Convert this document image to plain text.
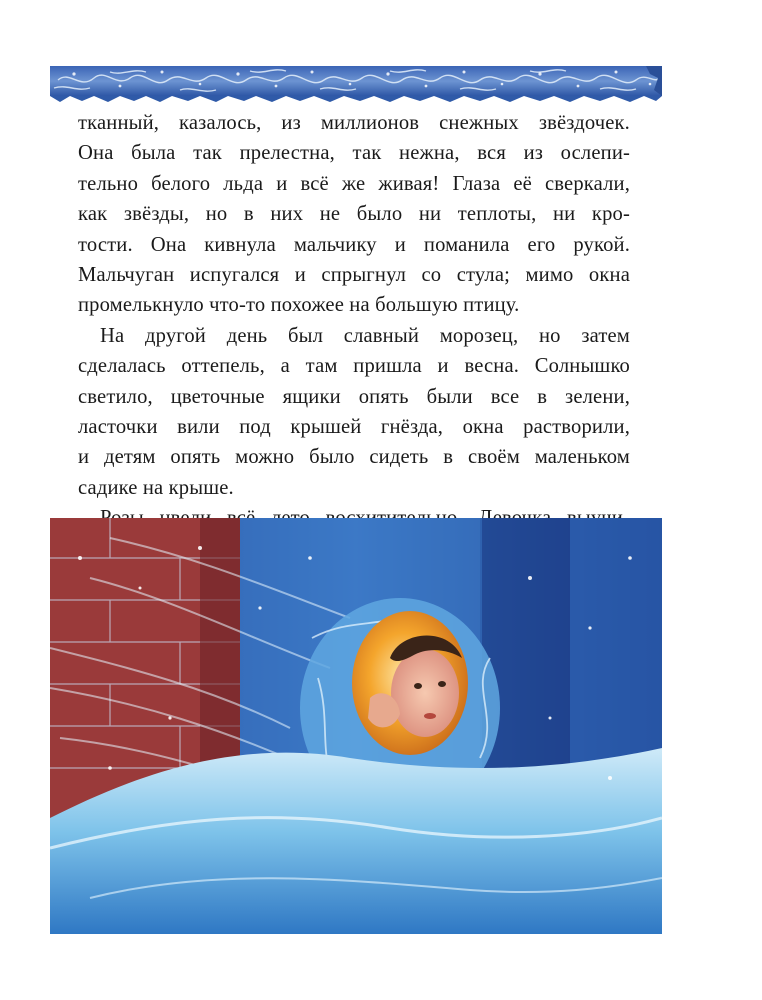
тканный, казалось, из миллионов снежных звёздочек.
Она была так прелестна, так нежна, вся из ослепи-
тельно белого льда и всё же живая! Глаза её сверкали,
как звёзды, но в них не было ни теплоты, ни кро-
тости. Она кивнула мальчику и поманила его рукой.
Мальчуган испугался и спрыгнул со стула; мимо окна
промелькнуло что-то похожее на большую птицу.
На другой день был славный морозец, но затем
сделалась оттепель, а там пришла и весна. Солнышко
светило, цветочные ящики опять были все в зелени,
ласточки вили под крышей гнёзда, окна растворили,
и детям опять можно было сидеть в своём маленьком
садике на крыше.
